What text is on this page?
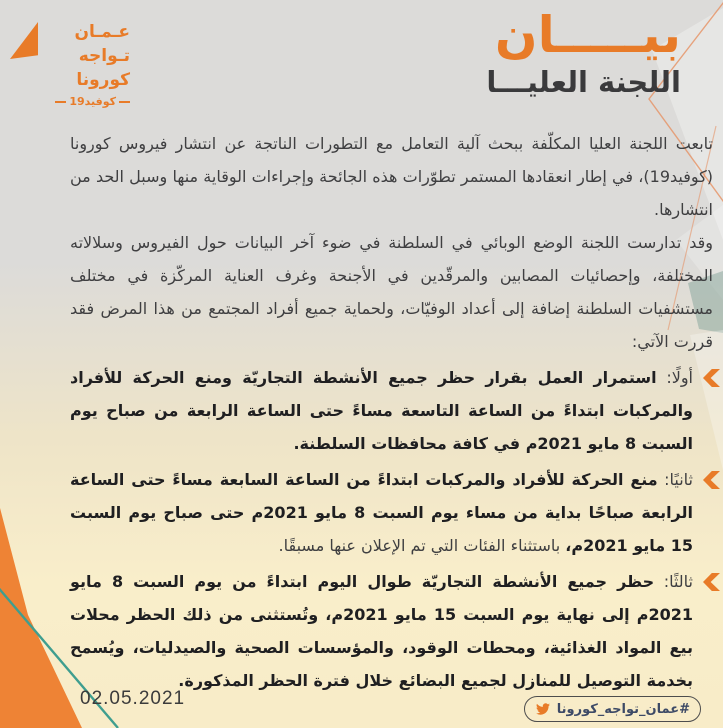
عـمـان
تـواجه
كورونا
كوفيد19
بيـــــان
اللجنة العليـــا

تابعت اللجنة العليا المكلّفة ببحث آلية التعامل مع التطورات الناتجة عن انتشار فيروس كورونا (كوفيد19)، في إطار انعقادها المستمر تطوّرات هذه الجائحة وإجراءات الوقاية منها وسبل الحد من انتشارها.

وقد تدارست اللجنة الوضع الوبائي في السلطنة في ضوء آخر البيانات حول الفيروس وسلالاته المختلفة، وإحصائيات المصابين والمرقّدين في الأجنحة وغرف العناية المركّزة في مختلف مستشفيات السلطنة إضافة إلى أعداد الوفيّات، ولحماية جميع أفراد المجتمع من هذا المرض فقد قررت الآتي:

أولًا: استمرار العمل بقرار حظر جميع الأنشطة التجاريّة ومنع الحركة للأفراد والمركبات ابتداءً من الساعة التاسعة مساءً حتى الساعة الرابعة من صباح يوم السبت 8 مايو 2021م في كافة محافظات السلطنة.
ثانيًا: منع الحركة للأفراد والمركبات ابتداءً من الساعة السابعة مساءً حتى الساعة الرابعة صباحًا بداية من مساء يوم السبت 8 مايو 2021م حتى صباح يوم السبت 15 مايو 2021م، باستثناء الفئات التي تم الإعلان عنها مسبقًا.
ثالثًا: حظر جميع الأنشطة التجاريّة طوال اليوم ابتداءً من يوم السبت 8 مايو 2021م إلى نهاية يوم السبت 15 مايو 2021م، وتُستثنى من ذلك الحظر محلات بيع المواد الغذائية، ومحطات الوقود، والمؤسسات الصحية والصيدليات، ويُسمح بخدمة التوصيل للمنازل لجميع البضائع خلال فترة الحظر المذكورة.
02.05.2021	#عمان_تواجه_كورونا
